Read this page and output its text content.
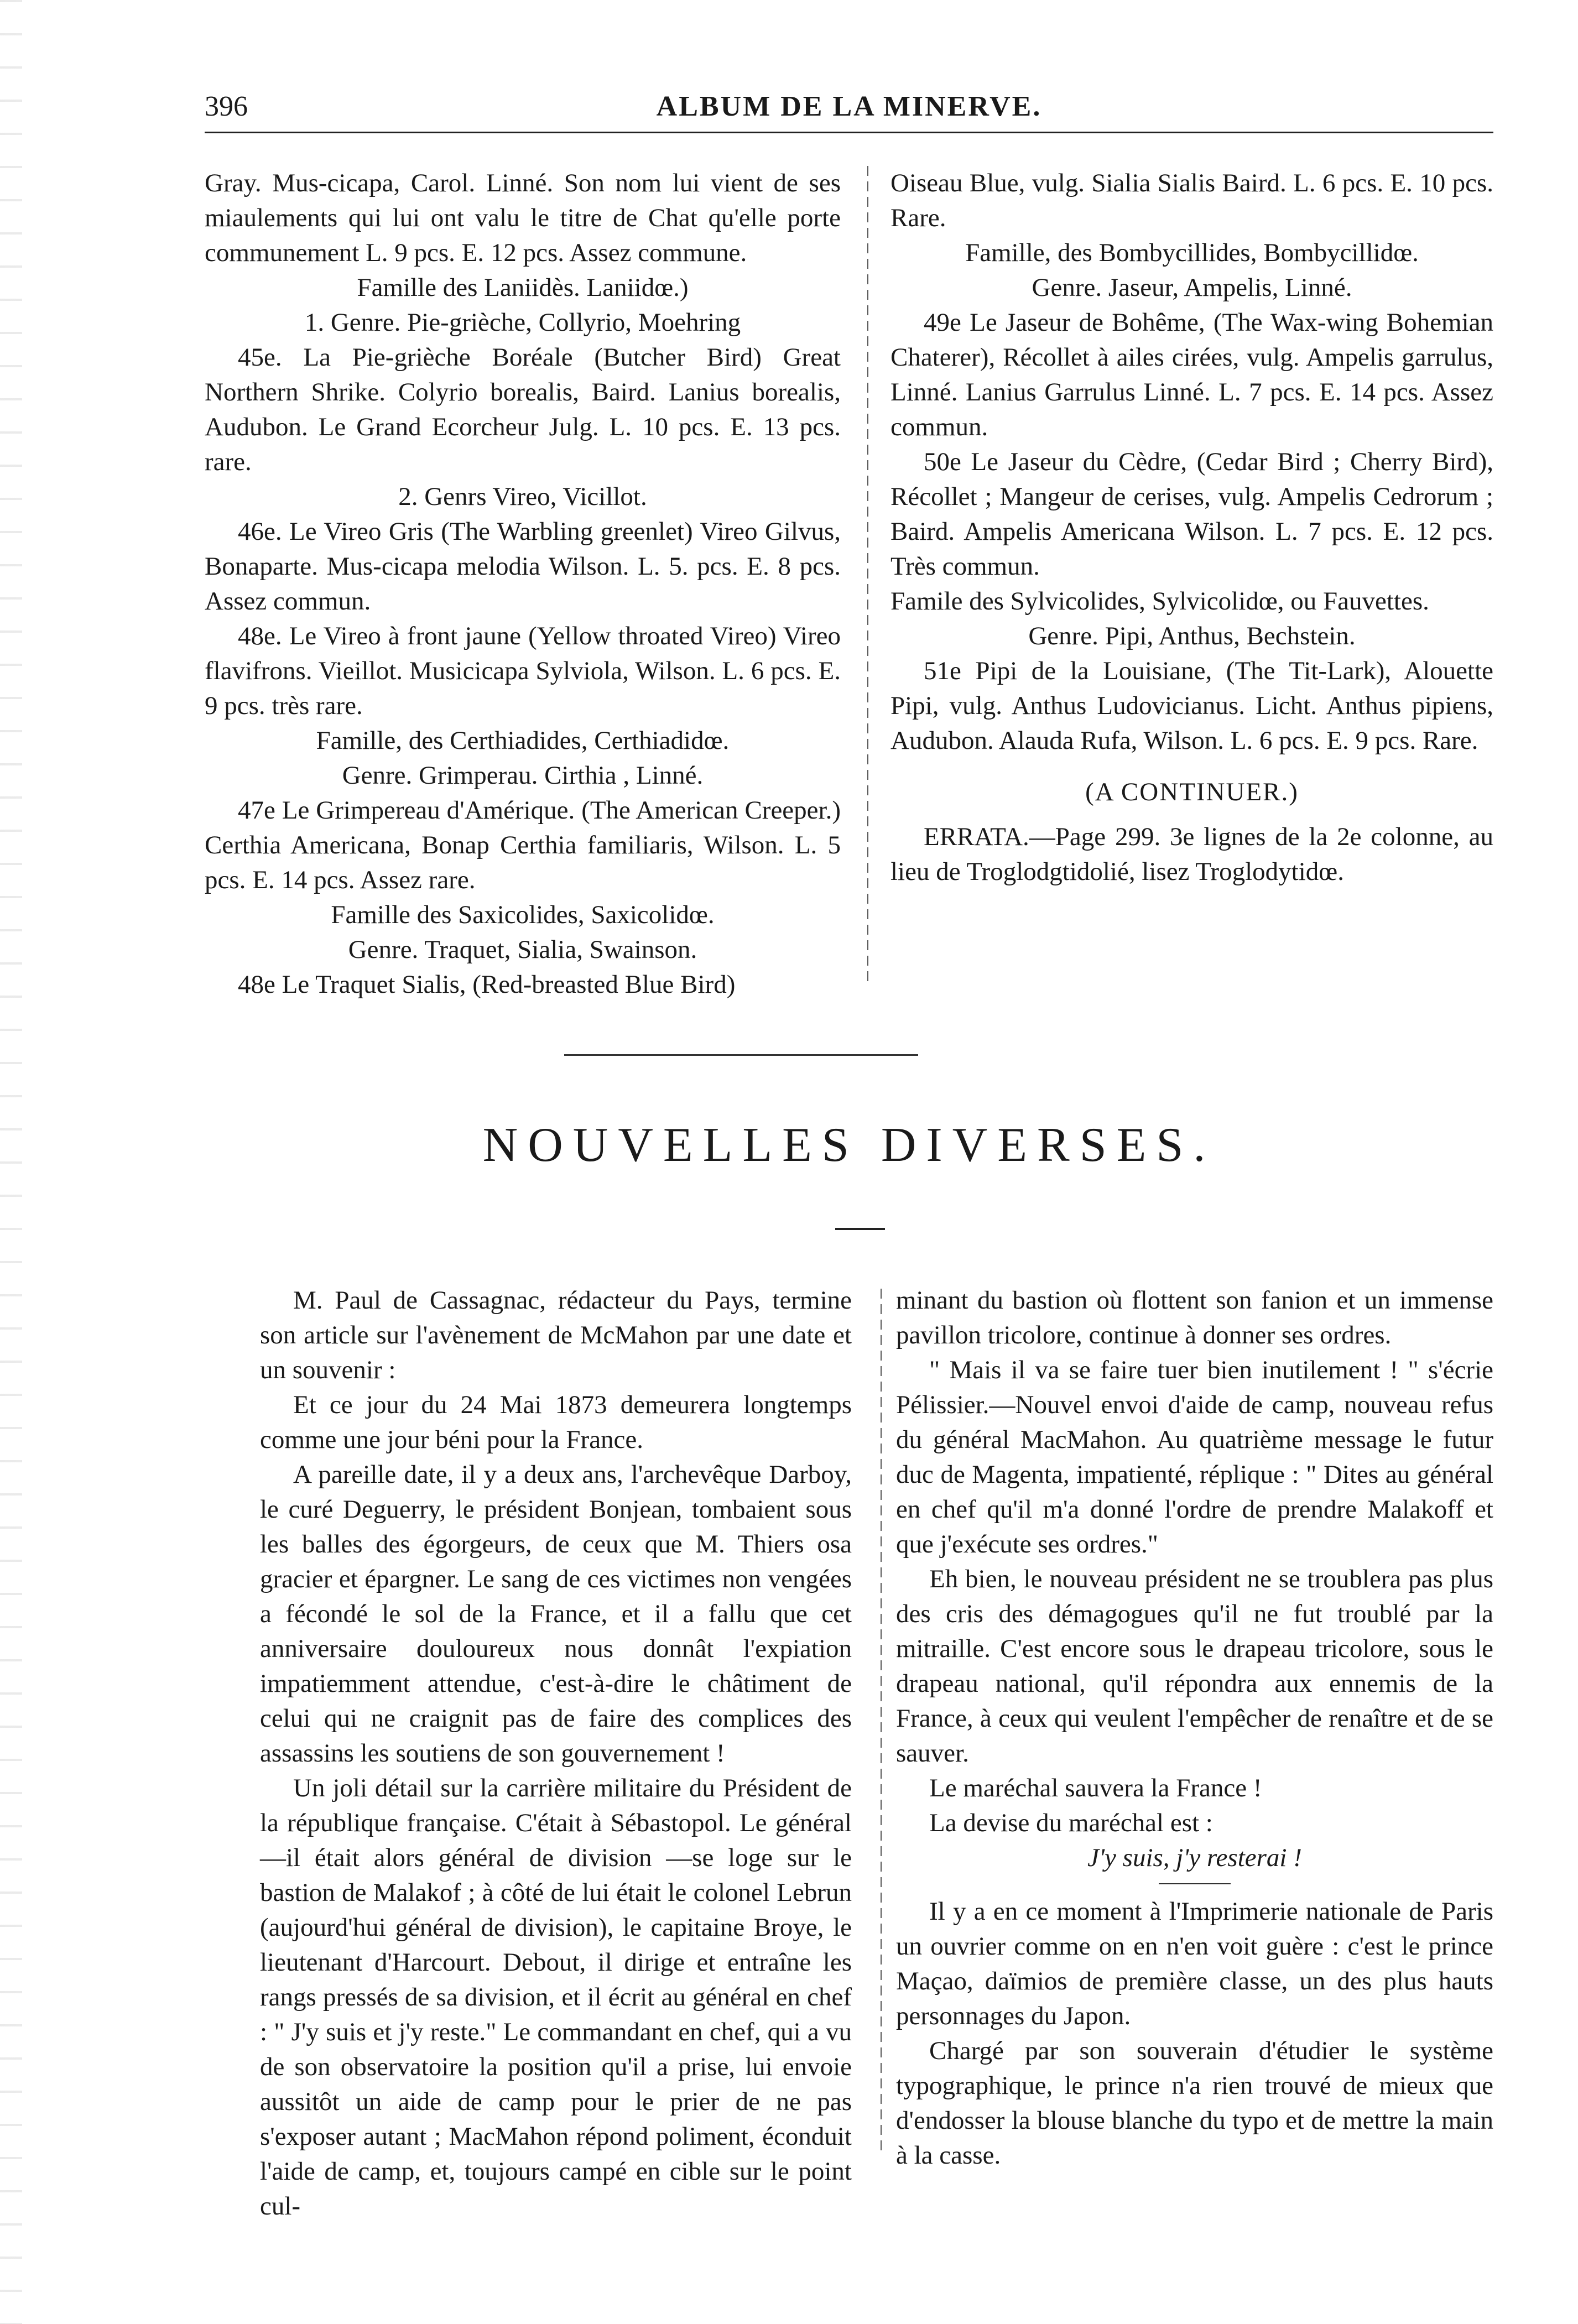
396	ALBUM DE LA MINERVE.

Gray. Mus-cicapa, Carol. Linné. Son nom lui vient de ses miaulements qui lui ont valu le titre de Chat qu'elle porte communement L. 9 pcs. E. 12 pcs. Assez commune.

Famille des Laniidès. Laniidœ.)

1. Genre. Pie-grièche, Collyrio, Moehring

45e. La Pie-grièche Boréale (Butcher Bird) Great Northern Shrike. Colyrio borealis, Baird. Lanius borealis, Audubon. Le Grand Ecorcheur Julg. L. 10 pcs. E. 13 pcs. rare.

2. Genrs Vireo, Vicillot.

46e. Le Vireo Gris (The Warbling greenlet) Vireo Gilvus, Bonaparte. Mus-cicapa melodia Wilson. L. 5. pcs. E. 8 pcs. Assez commun.

48e. Le Vireo à front jaune (Yellow throated Vireo) Vireo flavifrons. Vieillot. Musicicapa Sylviola, Wilson. L. 6 pcs. E. 9 pcs. très rare.

Famille, des Certhiadides, Certhiadidœ.

Genre. Grimperau. Cirthia , Linné.

47e Le Grimpereau d'Amérique. (The American Creeper.) Certhia Americana, Bonap Certhia familiaris, Wilson. L. 5 pcs. E. 14 pcs. Assez rare.

Famille des Saxicolides, Saxicolidœ.

Genre. Traquet, Sialia, Swainson.

48e Le Traquet Sialis, (Red-breasted Blue Bird)

Oiseau Blue, vulg. Sialia Sialis Baird. L. 6 pcs. E. 10 pcs. Rare.

Famille, des Bombycillides, Bombycillidœ.

Genre. Jaseur, Ampelis, Linné.

49e Le Jaseur de Bohême, (The Wax-wing Bohemian Chaterer), Récollet à ailes cirées, vulg. Ampelis garrulus, Linné. Lanius Garrulus Linné. L. 7 pcs. E. 14 pcs. Assez commun.

50e Le Jaseur du Cèdre, (Cedar Bird ; Cherry Bird), Récollet ; Mangeur de cerises, vulg. Ampelis Cedrorum ; Baird. Ampelis Americana Wilson. L. 7 pcs. E. 12 pcs. Très commun.

Famile des Sylvicolides, Sylvicolidœ, ou Fauvettes.

Genre. Pipi, Anthus, Bechstein.

51e Pipi de la Louisiane, (The Tit-Lark), Alouette Pipi, vulg. Anthus Ludovicianus. Licht. Anthus pipiens, Audubon. Alauda Rufa, Wilson. L. 6 pcs. E. 9 pcs. Rare.

(A CONTINUER.)

ERRATA.—Page 299. 3e lignes de la 2e colonne, au lieu de Troglodgtidolié, lisez Troglodytidœ.

NOUVELLES DIVERSES.

M. Paul de Cassagnac, rédacteur du Pays, termine son article sur l'avènement de McMahon par une date et un souvenir :

Et ce jour du 24 Mai 1873 demeurera longtemps comme une jour béni pour la France.

A pareille date, il y a deux ans, l'archevêque Darboy, le curé Deguerry, le président Bonjean, tombaient sous les balles des égorgeurs, de ceux que M. Thiers osa gracier et épargner. Le sang de ces victimes non vengées a fécondé le sol de la France, et il a fallu que cet anniversaire douloureux nous donnât l'expiation impatiemment attendue, c'est-à-dire le châtiment de celui qui ne craignit pas de faire des complices des assassins les soutiens de son gouvernement !

Un joli détail sur la carrière militaire du Président de la république française. C'était à Sébastopol. Le général—il était alors général de division —se loge sur le bastion de Malakof ; à côté de lui était le colonel Lebrun (aujourd'hui général de division), le capitaine Broye, le lieutenant d'Harcourt. Debout, il dirige et entraîne les rangs pressés de sa division, et il écrit au général en chef : " J'y suis et j'y reste." Le commandant en chef, qui a vu de son observatoire la position qu'il a prise, lui envoie aussitôt un aide de camp pour le prier de ne pas s'exposer autant ; MacMahon répond poliment, éconduit l'aide de camp, et, toujours campé en cible sur le point cul-

minant du bastion où flottent son fanion et un immense pavillon tricolore, continue à donner ses ordres.

" Mais il va se faire tuer bien inutilement ! " s'écrie Pélissier.—Nouvel envoi d'aide de camp, nouveau refus du général MacMahon. Au quatrième message le futur duc de Magenta, impatienté, réplique : " Dites au général en chef qu'il m'a donné l'ordre de prendre Malakoff et que j'exécute ses ordres."

Eh bien, le nouveau président ne se troublera pas plus des cris des démagogues qu'il ne fut troublé par la mitraille. C'est encore sous le drapeau tricolore, sous le drapeau national, qu'il répondra aux ennemis de la France, à ceux qui veulent l'empêcher de renaître et de se sauver.

Le maréchal sauvera la France !

La devise du maréchal est :

J'y suis, j'y resterai !

Il y a en ce moment à l'Imprimerie nationale de Paris un ouvrier comme on en n'en voit guère : c'est le prince Maçao, daïmios de première classe, un des plus hauts personnages du Japon.

Chargé par son souverain d'étudier le système typographique, le prince n'a rien trouvé de mieux que d'endosser la blouse blanche du typo et de mettre la main à la casse.
